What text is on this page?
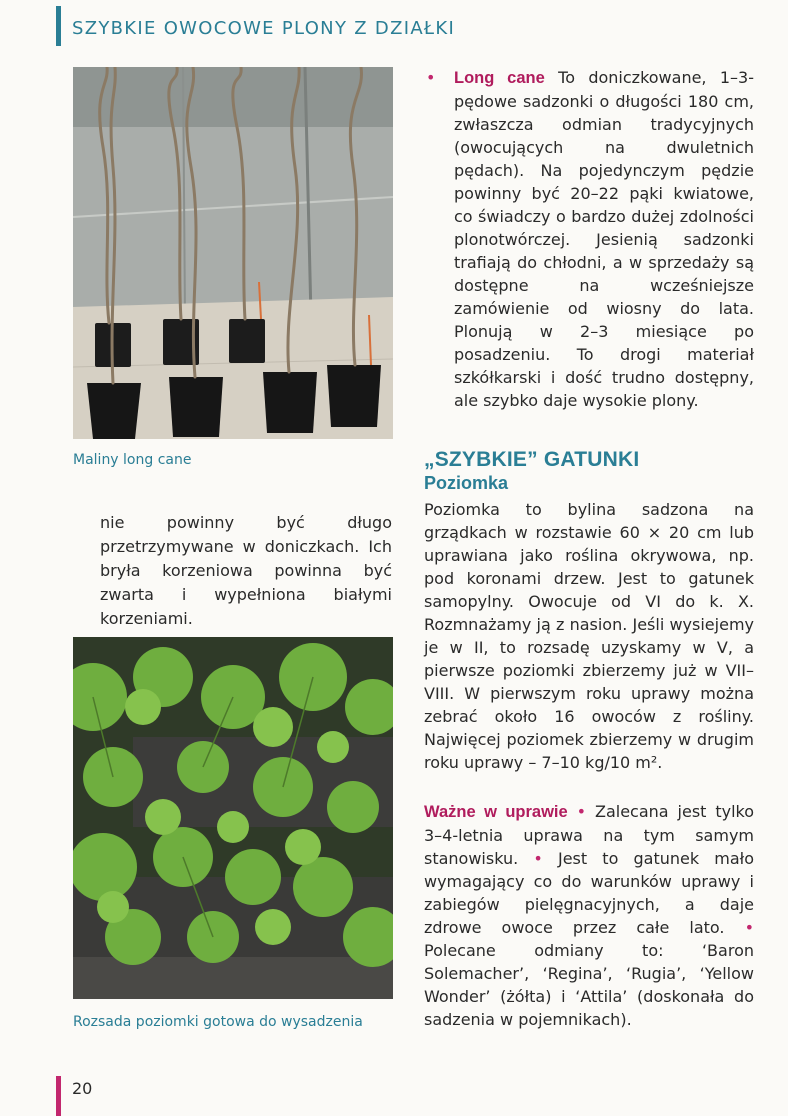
SZYBKIE OWOCOWE PLONY Z DZIAŁKI
Maliny long cane

nie powinny być długo przetrzymywane w doniczkach. Ich bryła korzeniowa powinna być zwarta i wypełniona białymi korzeniami.

Rozsada poziomki gotowa do wysadzenia
• Long cane To doniczkowane, 1–3-pędowe sadzonki o długości 180 cm, zwłaszcza odmian tradycyjnych (owocujących na dwuletnich pędach). Na pojedynczym pędzie powinny być 20–22 pąki kwiatowe, co świadczy o bardzo dużej zdolności plonotwórczej. Jesienią sadzonki trafiają do chłodni, a w sprzedaży są dostępne na wcześniejsze zamówienie od wiosny do lata. Plonują w 2–3 miesiące po posadzeniu. To drogi materiał szkółkarski i dość trudno dostępny, ale szybko daje wysokie plony.

„SZYBKIE” GATUNKI
Poziomka

Poziomka to bylina sadzona na grządkach w rozstawie 60 × 20 cm lub uprawiana jako roślina okrywowa, np. pod koronami drzew. Jest to gatunek samopylny. Owocuje od VI do k. X. Rozmnażamy ją z nasion. Jeśli wysiejemy je w II, to rozsadę uzyskamy w V, a pierwsze poziomki zbierzemy już w VII–VIII. W pierwszym roku uprawy można zebrać około 16 owoców z rośliny. Najwięcej poziomek zbierzemy w drugim roku uprawy – 7–10 kg/10 m².

Ważne w uprawie • Zalecana jest tylko 3–4-letnia uprawa na tym samym stanowisku. • Jest to gatunek mało wymagający co do warunków uprawy i zabiegów pielęgnacyjnych, a daje zdrowe owoce przez całe lato. • Polecane odmiany to: ‘Baron Solemacher’, ‘Regina’, ‘Rugia’, ‘Yellow Wonder’ (żółta) i ‘Attila’ (doskonała do sadzenia w pojemnikach).

20
